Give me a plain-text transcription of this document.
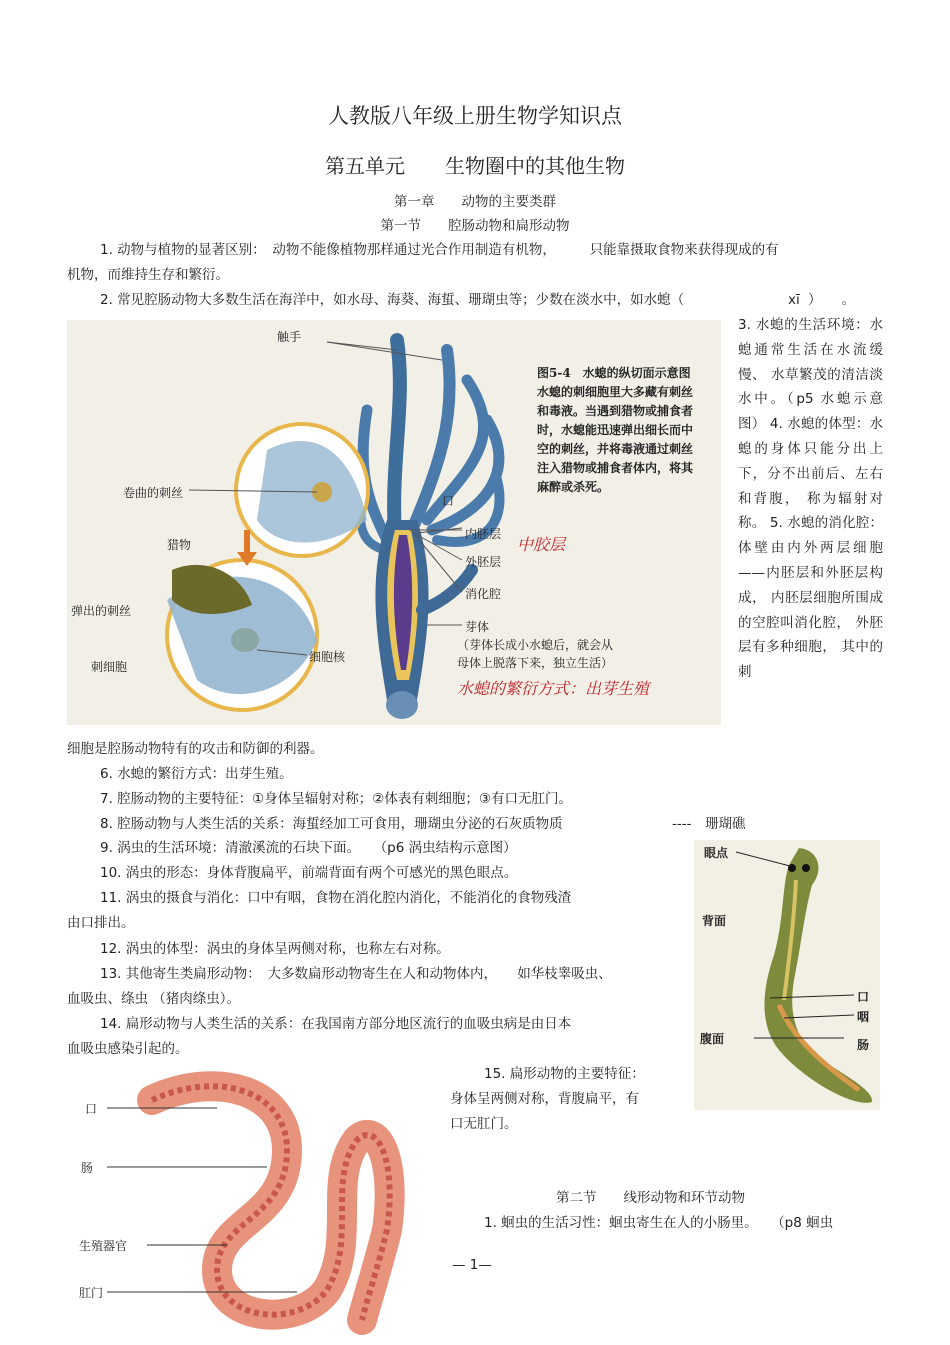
人教版八年级上册生物学知识点
第五单元　　生物圈中的其他生物
第一章　　动物的主要类群
第一节　　腔肠动物和扁形动物
1. 动物与植物的显著区别：　动物不能像植物那样通过光合作用制造有机物，　　　只能靠摄取食物来获得现成的有
机物，而维持生存和繁衍。
2. 常见腔肠动物大多数生活在海洋中，如水母、海葵、海蜇、珊瑚虫等；少数在淡水中，如水螅（	xī ）　　。
触手
卷曲的刺丝
猎物
弹出的刺丝
刺细胞
细胞核
口
内胚层
外胚层
消化腔
芽体
（芽体长成小水螅后，就会从
母体上脱落下来，独立生活）
图5-4　水螅的纵切面示意图
水螅的刺细胞里大多藏有刺丝
和毒液。当遇到猎物或捕食者
时，水螅能迅速弹出细长而中
空的刺丝，并将毒液通过刺丝
注入猎物或捕食者体内，将其
麻醉或杀死。
中胶层
水螅的繁衍方式：出芽生殖
3. 水螅的生活环境：水螅通常生活在水流缓慢、 水草繁茂的清洁淡水中。（p5 水螅示意图） 4. 水螅的体型：水螅的身体只能分出上下，分不出前后、左右和背腹， 称为辐射对称。 5. 水螅的消化腔：体壁由内外两层细胞——内胚层和外胚层构成， 内胚层细胞所围成的空腔叫消化腔， 外胚层有多种细胞， 其中的刺
细胞是腔肠动物特有的攻击和防御的利器。
6. 水螅的繁衍方式：出芽生殖。
7. 腔肠动物的主要特征：①身体呈辐射对称；②体表有刺细胞；③有口无肛门。
8. 腔肠动物与人类生活的关系：海蜇经加工可食用，珊瑚虫分泌的石灰质物质	----　珊瑚礁
9. 涡虫的生活环境：清澈溪流的石块下面。　　（p6 涡虫结构示意图）
10. 涡虫的形态：身体背腹扁平，前端背面有两个可感光的黑色眼点。
11. 涡虫的摄食与消化：口中有咽，食物在消化腔内消化，不能消化的食物残渣
由口排出。
12. 涡虫的体型：涡虫的身体呈两侧对称，也称左右对称。
13. 其他寄生类扁形动物：　大多数扁形动物寄生在人和动物体内，　　如华枝睾吸虫、
血吸虫、绦虫 （猪肉绦虫）。
14. 扁形动物与人类生活的关系：在我国南方部分地区流行的血吸虫病是由日本
血吸虫感染引起的。
眼点
背面
口
咽
腹面	肠
15. 扁形动物的主要特征：
身体呈两侧对称，背腹扁平，有
口无肛门。
口
肠
生殖器官
肛门
第二节　　线形动物和环节动物
1. 蛔虫的生活习性：蛔虫寄生在人的小肠里。　　（p8 蛔虫
— 1—
